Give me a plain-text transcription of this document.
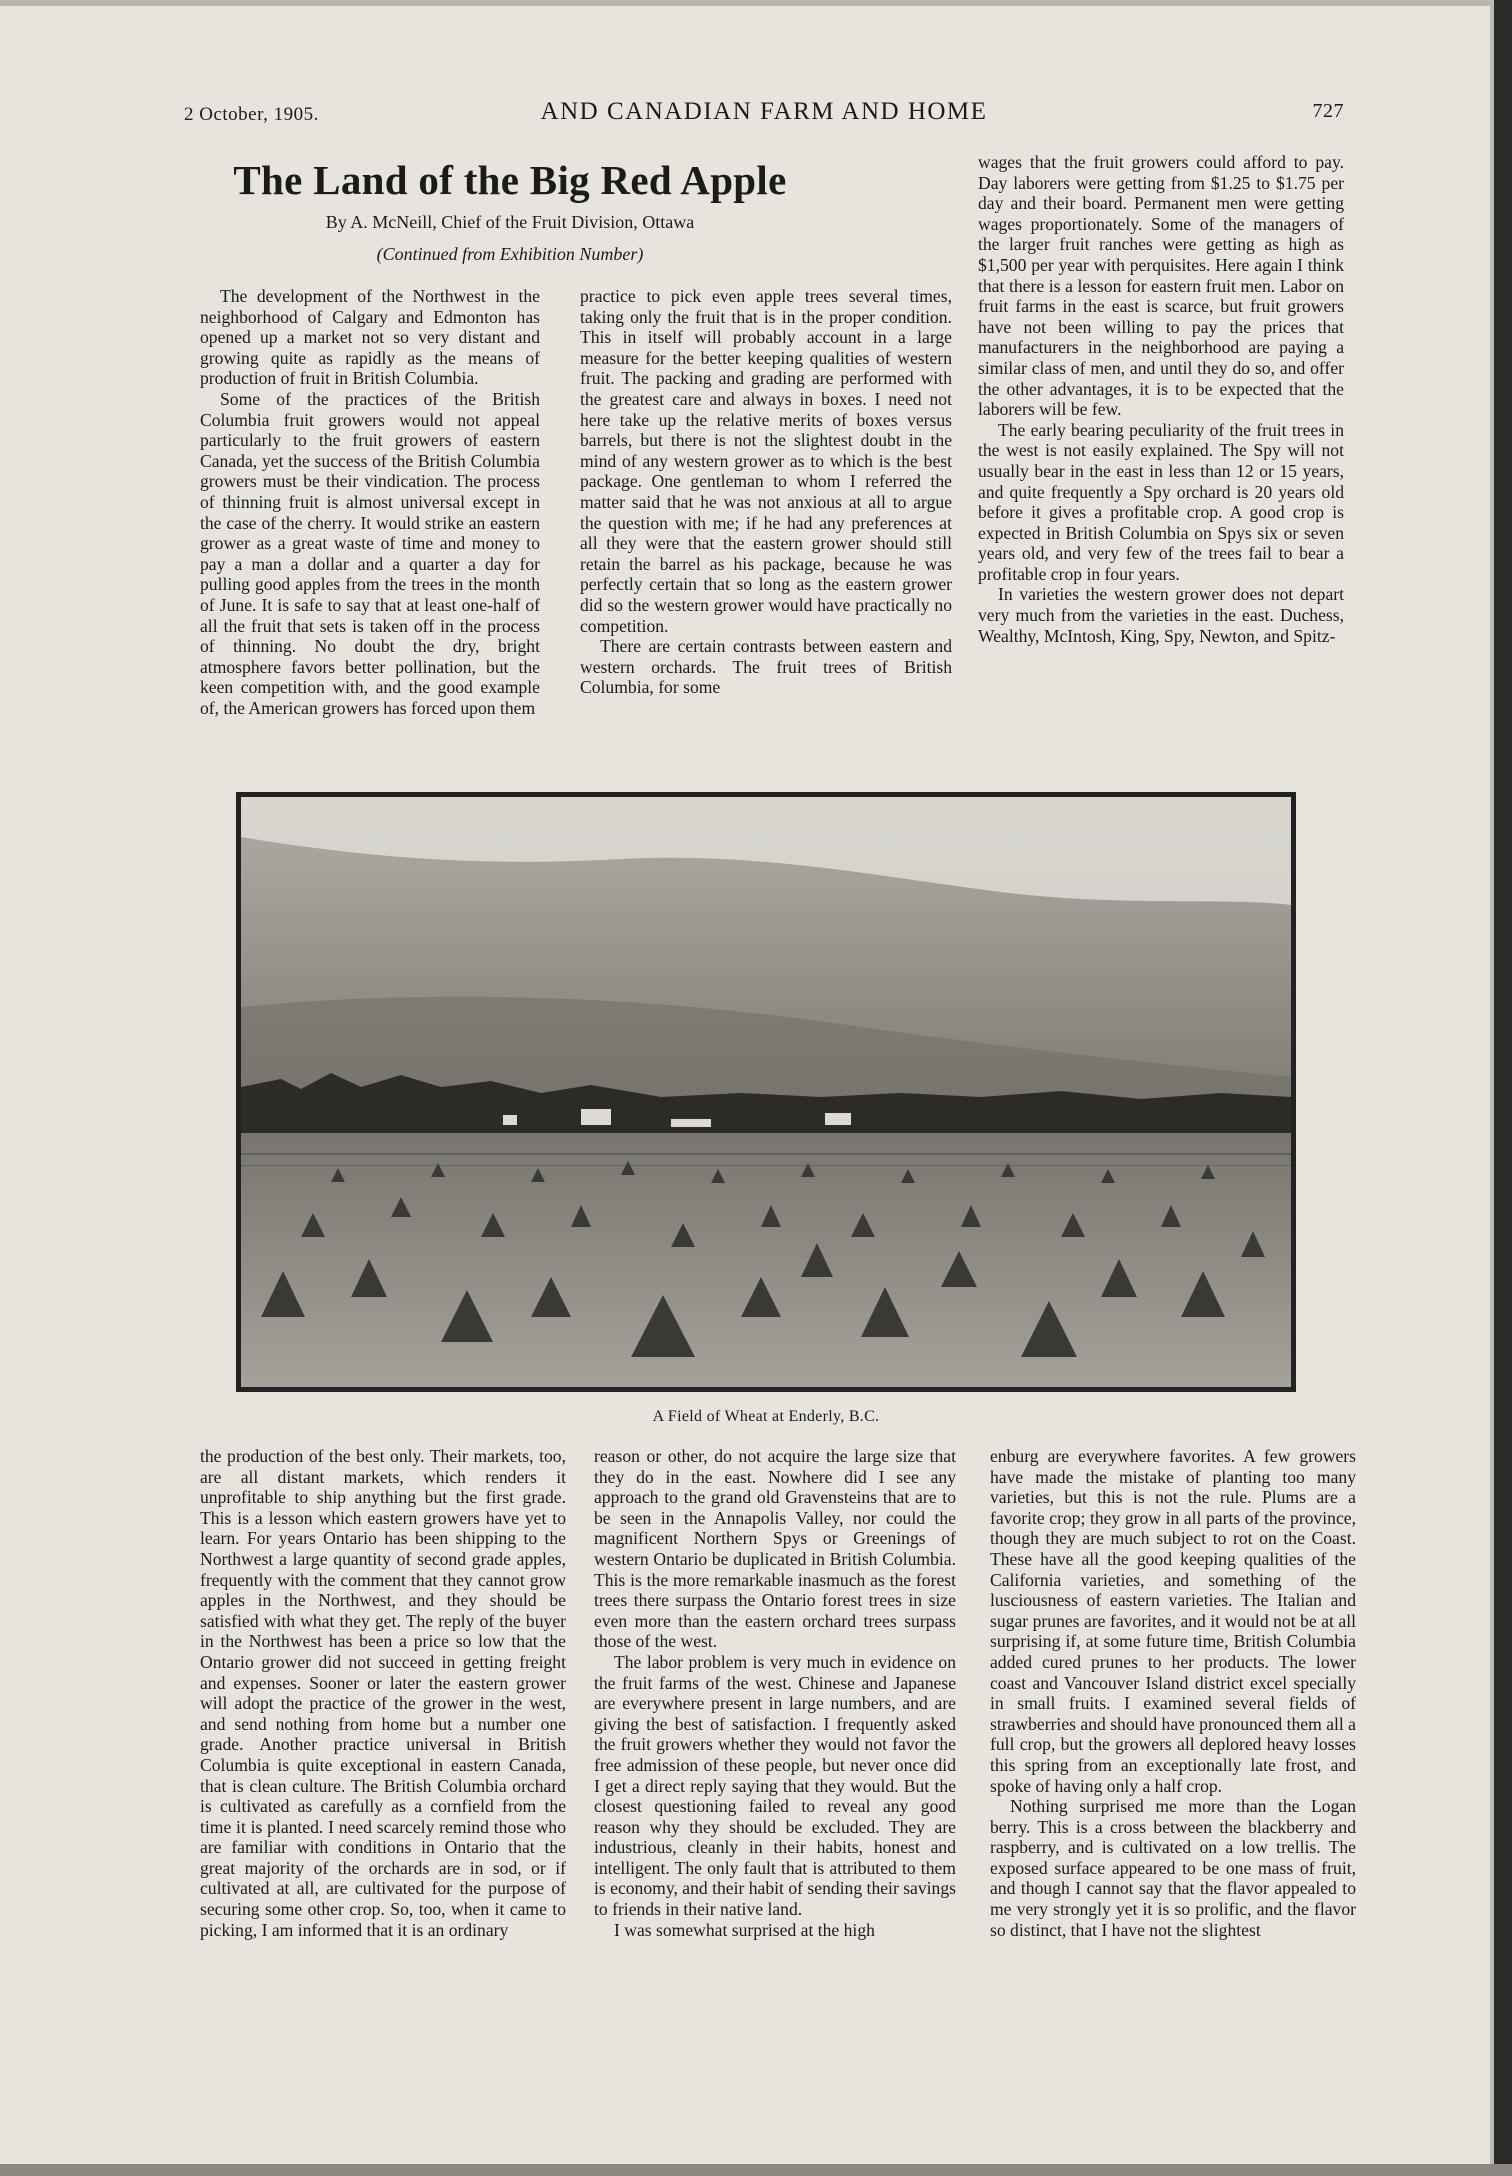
2 October, 1905.	AND CANADIAN FARM AND HOME	727
The Land of the Big Red Apple
By A. McNeill, Chief of the Fruit Division, Ottawa
(Continued from Exhibition Number)

The development of the Northwest in the neighborhood of Calgary and Edmonton has opened up a market not so very distant and growing quite as rapidly as the means of production of fruit in British Columbia.

Some of the practices of the British Columbia fruit growers would not appeal particularly to the fruit growers of eastern Canada, yet the success of the British Columbia growers must be their vindication. The process of thinning fruit is almost universal except in the case of the cherry. It would strike an eastern grower as a great waste of time and money to pay a man a dollar and a quarter a day for pulling good apples from the trees in the month of June. It is safe to say that at least one-half of all the fruit that sets is taken off in the process of thinning. No doubt the dry, bright atmosphere favors better pollination, but the keen competition with, and the good example of, the American growers has forced upon them

practice to pick even apple trees several times, taking only the fruit that is in the proper condition. This in itself will probably account in a large measure for the better keeping qualities of western fruit. The packing and grading are performed with the greatest care and always in boxes. I need not here take up the relative merits of boxes versus barrels, but there is not the slightest doubt in the mind of any western grower as to which is the best package. One gentleman to whom I referred the matter said that he was not anxious at all to argue the question with me; if he had any preferences at all they were that the eastern grower should still retain the barrel as his package, because he was perfectly certain that so long as the eastern grower did so the western grower would have practically no competition.

There are certain contrasts between eastern and western orchards. The fruit trees of British Columbia, for some

wages that the fruit growers could afford to pay. Day laborers were getting from $1.25 to $1.75 per day and their board. Permanent men were getting wages proportionately. Some of the managers of the larger fruit ranches were getting as high as $1,500 per year with perquisites. Here again I think that there is a lesson for eastern fruit men. Labor on fruit farms in the east is scarce, but fruit growers have not been willing to pay the prices that manufacturers in the neighborhood are paying a similar class of men, and until they do so, and offer the other advantages, it is to be expected that the laborers will be few.

The early bearing peculiarity of the fruit trees in the west is not easily explained. The Spy will not usually bear in the east in less than 12 or 15 years, and quite frequently a Spy orchard is 20 years old before it gives a profitable crop. A good crop is expected in British Columbia on Spys six or seven years old, and very few of the trees fail to bear a profitable crop in four years.

In varieties the western grower does not depart very much from the varieties in the east. Duchess, Wealthy, McIntosh, King, Spy, Newton, and Spitz-

A Field of Wheat at Enderly, B.C.

the production of the best only. Their markets, too, are all distant markets, which renders it unprofitable to ship anything but the first grade. This is a lesson which eastern growers have yet to learn. For years Ontario has been shipping to the Northwest a large quantity of second grade apples, frequently with the comment that they cannot grow apples in the Northwest, and they should be satisfied with what they get. The reply of the buyer in the Northwest has been a price so low that the Ontario grower did not succeed in getting freight and expenses. Sooner or later the eastern grower will adopt the practice of the grower in the west, and send nothing from home but a number one grade. Another practice universal in British Columbia is quite exceptional in eastern Canada, that is clean culture. The British Columbia orchard is cultivated as carefully as a cornfield from the time it is planted. I need scarcely remind those who are familiar with conditions in Ontario that the great majority of the orchards are in sod, or if cultivated at all, are cultivated for the purpose of securing some other crop. So, too, when it came to picking, I am informed that it is an ordinary

reason or other, do not acquire the large size that they do in the east. Nowhere did I see any approach to the grand old Gravensteins that are to be seen in the Annapolis Valley, nor could the magnificent Northern Spys or Greenings of western Ontario be duplicated in British Columbia. This is the more remarkable inasmuch as the forest trees there surpass the Ontario forest trees in size even more than the eastern orchard trees surpass those of the west.

The labor problem is very much in evidence on the fruit farms of the west. Chinese and Japanese are everywhere present in large numbers, and are giving the best of satisfaction. I frequently asked the fruit growers whether they would not favor the free admission of these people, but never once did I get a direct reply saying that they would. But the closest questioning failed to reveal any good reason why they should be excluded. They are industrious, cleanly in their habits, honest and intelligent. The only fault that is attributed to them is economy, and their habit of sending their savings to friends in their native land.

I was somewhat surprised at the high

enburg are everywhere favorites. A few growers have made the mistake of planting too many varieties, but this is not the rule. Plums are a favorite crop; they grow in all parts of the province, though they are much subject to rot on the Coast. These have all the good keeping qualities of the California varieties, and something of the lusciousness of eastern varieties. The Italian and sugar prunes are favorites, and it would not be at all surprising if, at some future time, British Columbia added cured prunes to her products. The lower coast and Vancouver Island district excel specially in small fruits. I examined several fields of strawberries and should have pronounced them all a full crop, but the growers all deplored heavy losses this spring from an exceptionally late frost, and spoke of having only a half crop.

Nothing surprised me more than the Logan berry. This is a cross between the blackberry and raspberry, and is cultivated on a low trellis. The exposed surface appeared to be one mass of fruit, and though I cannot say that the flavor appealed to me very strongly yet it is so prolific, and the flavor so distinct, that I have not the slightest
